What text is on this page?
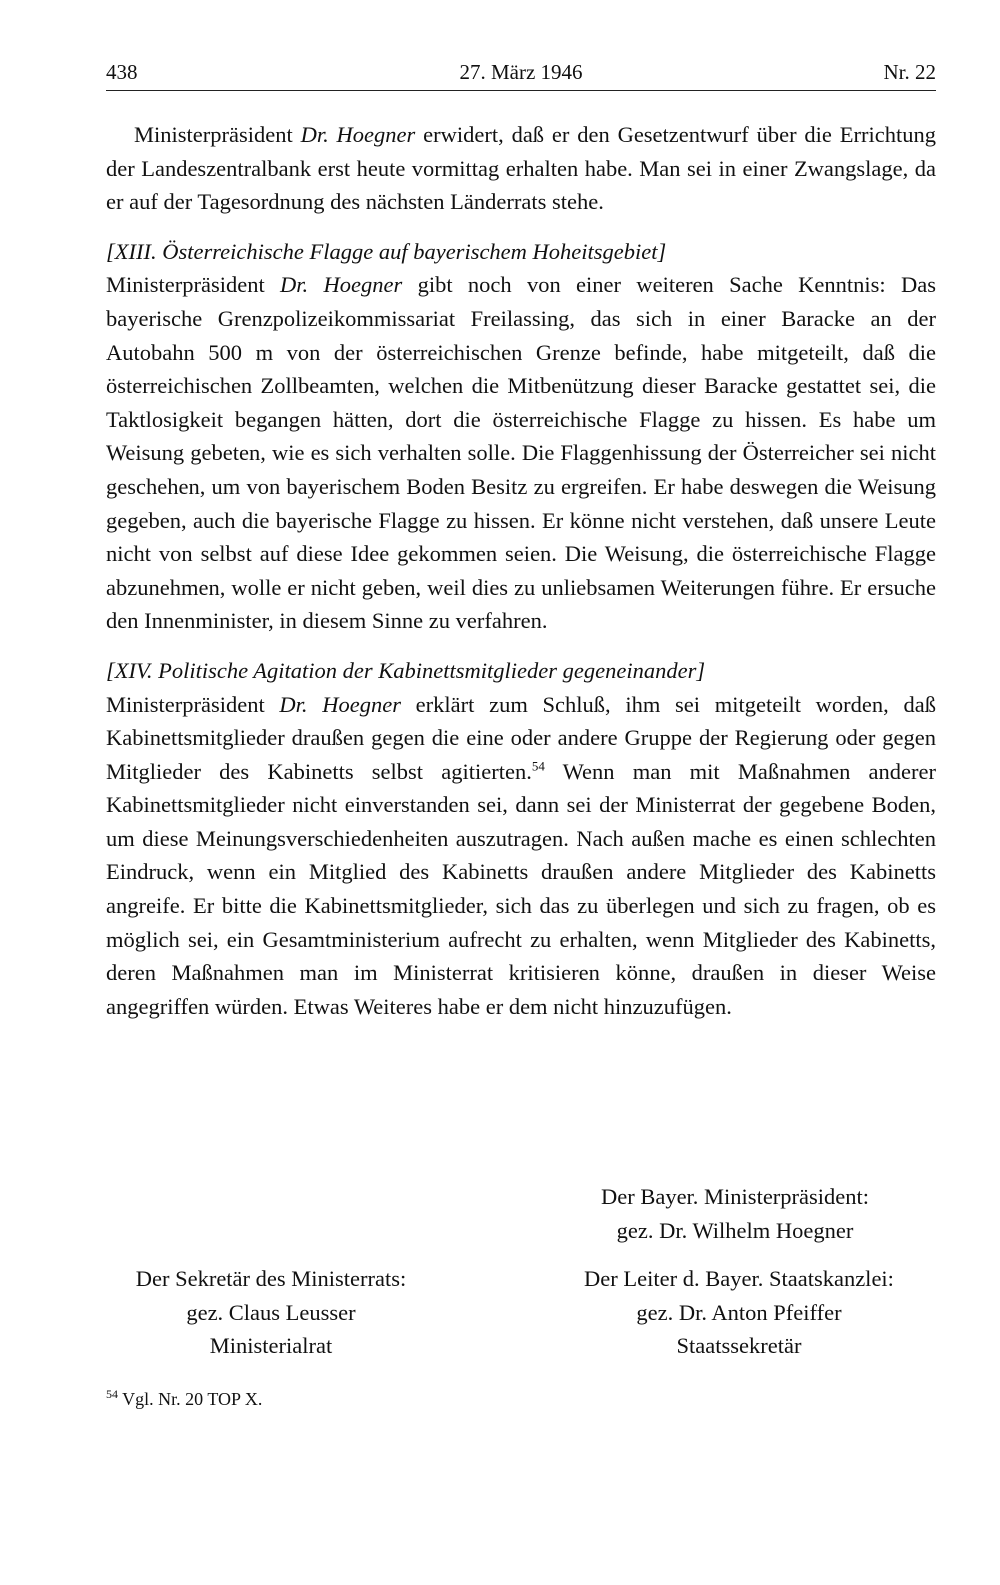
438	27. März 1946	Nr. 22

Ministerpräsident Dr. Hoegner erwidert, daß er den Gesetzentwurf über die Errichtung der Landeszentralbank erst heute vormittag erhalten habe. Man sei in einer Zwangslage, da er auf der Tagesordnung des nächsten Länderrats stehe.

[XIII. Österreichische Flagge auf bayerischem Hoheitsgebiet]

Ministerpräsident Dr. Hoegner gibt noch von einer weiteren Sache Kenntnis: Das bayerische Grenzpolizeikommissariat Freilassing, das sich in einer Baracke an der Autobahn 500 m von der österreichischen Grenze befinde, habe mitgeteilt, daß die österreichischen Zollbeamten, welchen die Mitbenützung dieser Baracke gestattet sei, die Taktlosigkeit begangen hätten, dort die österreichische Flagge zu hissen. Es habe um Weisung gebeten, wie es sich verhalten solle. Die Flaggenhissung der Österreicher sei nicht geschehen, um von bayerischem Boden Besitz zu ergreifen. Er habe deswegen die Weisung gegeben, auch die bayerische Flagge zu hissen. Er könne nicht verstehen, daß unsere Leute nicht von selbst auf diese Idee gekommen seien. Die Weisung, die österreichische Flagge abzunehmen, wolle er nicht geben, weil dies zu unliebsamen Weiterungen führe. Er ersuche den Innenminister, in diesem Sinne zu verfahren.

[XIV. Politische Agitation der Kabinettsmitglieder gegeneinander]

Ministerpräsident Dr. Hoegner erklärt zum Schluß, ihm sei mitgeteilt worden, daß Kabinettsmitglieder draußen gegen die eine oder andere Gruppe der Regierung oder gegen Mitglieder des Kabinetts selbst agitierten.$^{54}$ Wenn man mit Maßnahmen anderer Kabinettsmitglieder nicht einverstanden sei, dann sei der Ministerrat der gegebene Boden, um diese Meinungsverschiedenheiten auszutragen. Nach außen mache es einen schlechten Eindruck, wenn ein Mitglied des Kabinetts draußen andere Mitglieder des Kabinetts angreife. Er bitte die Kabinettsmitglieder, sich das zu überlegen und sich zu fragen, ob es möglich sei, ein Gesamtministerium aufrecht zu erhalten, wenn Mitglieder des Kabinetts, deren Maßnahmen man im Ministerrat kritisieren könne, draußen in dieser Weise angegriffen würden. Etwas Weiteres habe er dem nicht hinzuzufügen.

Der Bayer. Ministerpräsident:
gez. Dr. Wilhelm Hoegner
Der Sekretär des Ministerrats:
gez. Claus Leusser
Ministerialrat
Der Leiter d. Bayer. Staatskanzlei:
gez. Dr. Anton Pfeiffer
Staatssekretär
$^{54}$ Vgl. Nr. 20 TOP X.
